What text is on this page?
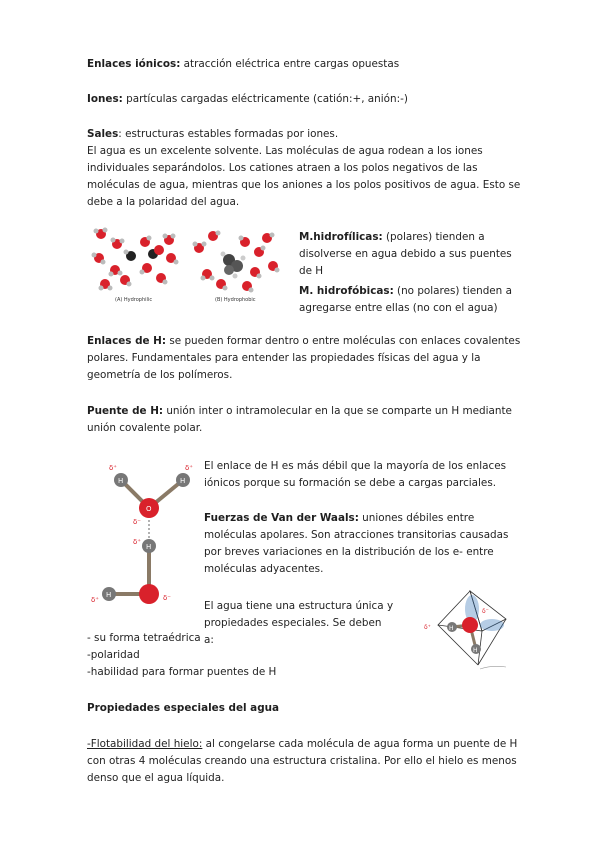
Enlaces iónicos: atracción eléctrica entre cargas opuestas

Iones: partículas cargadas eléctricamente (catión:+, anión:-)

Sales: estructuras estables formadas por iones.
El agua es un excelente solvente. Las moléculas de agua rodean a los iones individuales separándolos. Los cationes atraen a los polos negativos de las moléculas de agua, mientras que los aniones a los polos positivos de agua. Esto se debe a la polaridad del agua.

(A) Hydrophilic	(B) Hydrophobic

M.hidrofílicas: (polares) tienden a disolverse en agua debido a sus puentes de H

M. hidrofóbicas: (no polares) tienden a agregarse entre ellas (no con el agua)

Enlaces de H: se pueden formar dentro o entre moléculas con enlaces covalentes polares. Fundamentales para entender las propiedades físicas del agua y la geometría de los polímeros.

Puente de H: unión inter o intramolecular en la que se comparte un H mediante unión covalente polar.

H	H
O
H
H
δ⁺	δ⁺
δ⁻
δ⁺
δ⁺	δ⁻

El enlace de H es más débil que la mayoría de los enlaces iónicos porque su formación se debe a cargas parciales.

Fuerzas de Van der Waals: uniones débiles entre moléculas apolares. Son atracciones transitorias causadas por breves variaciones en la distribución de los e- entre moléculas adyacentes.

El agua tiene una estructura única y propiedades especiales. Se deben a:

H
H
δ⁺
δ⁻

- su forma tetraédrica
-polaridad
-habilidad para formar puentes de H

Propiedades especiales del agua

-Flotabilidad del hielo: al congelarse cada molécula de agua forma un puente de H con otras 4 moléculas creando una estructura cristalina. Por ello el hielo es menos denso que el agua líquida.
